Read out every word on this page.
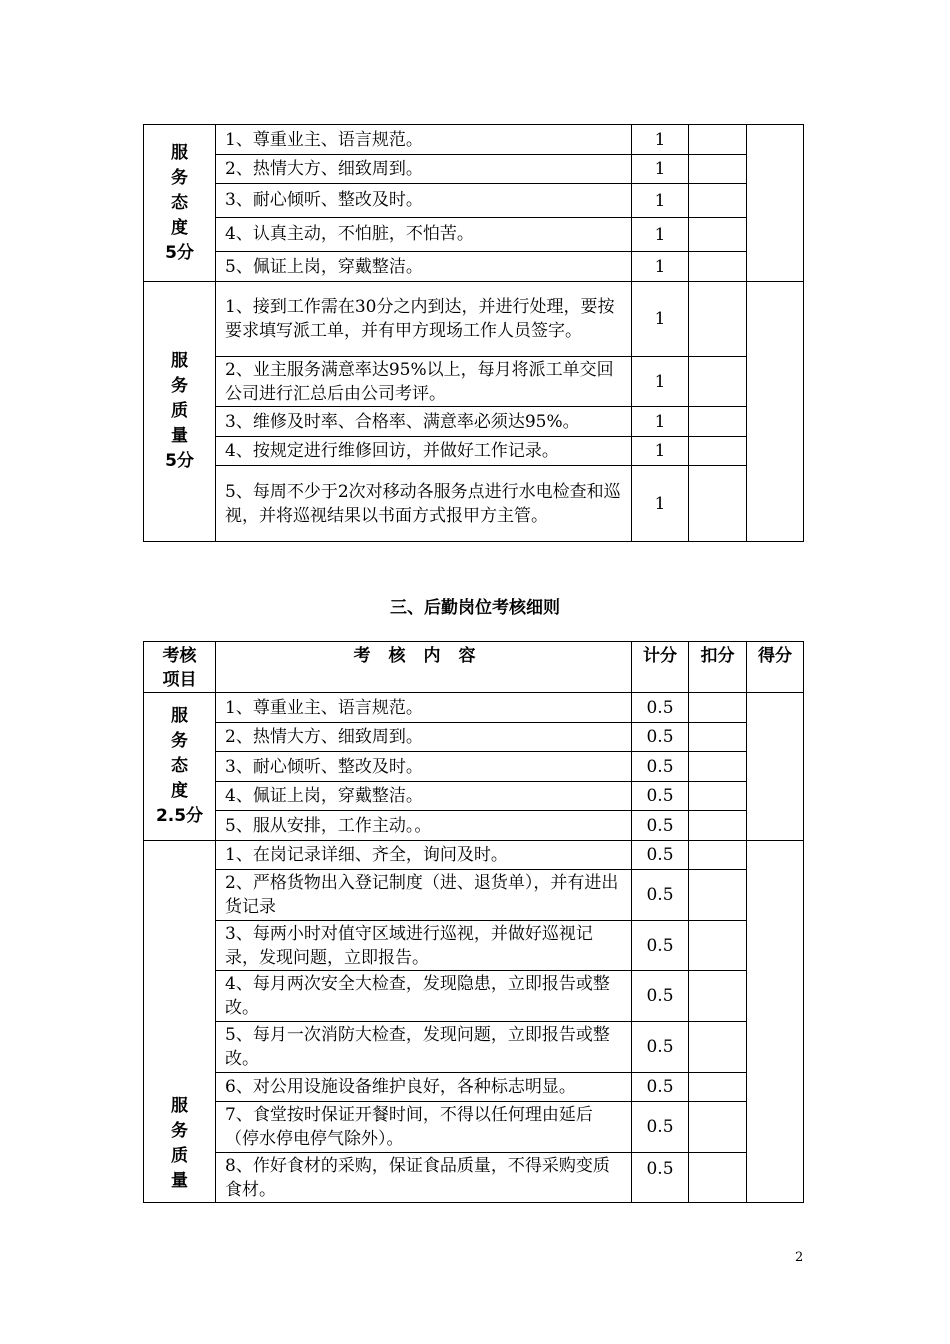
服
务
态
度
5分	1、尊重业主、语言规范。	1		
	2、热情大方、细致周到。	1		
	3、耐心倾听、整改及时。	1		
	4、认真主动，不怕脏，不怕苦。	1		
	5、佩证上岗，穿戴整洁。	1		

服
务
质
量
5分	1、接到工作需在30分之内到达，并进行处理，要按要求填写派工单，并有甲方现场工作人员签字。	1		
	2、业主服务满意率达95%以上，每月将派工单交回公司进行汇总后由公司考评。	1		
	3、维修及时率、合格率、满意率必须达95%。	1		
	4、按规定进行维修回访，并做好工作记录。	1		
	5、每周不少于2次对移动各服务点进行水电检查和巡视，并将巡视结果以书面方式报甲方主管。	1		
三、后勤岗位考核细则
考核
项目	考核内容	计分	扣分	得分

服
务
态
度
2.5分	1、尊重业主、语言规范。	0.5		
	2、热情大方、细致周到。	0.5		
	3、耐心倾听、整改及时。	0.5		
	4、佩证上岗，穿戴整洁。	0.5		
	5、服从安排，工作主动。。	0.5		

服
务
质
量	1、在岗记录详细、齐全，询问及时。	0.5		
	2、严格货物出入登记制度（进、退货单），并有进出货记录	0.5		
	3、每两小时对值守区域进行巡视，并做好巡视记录，发现问题，立即报告。	0.5		
	4、每月两次安全大检查，发现隐患，立即报告或整改。	0.5		
	5、每月一次消防大检查，发现问题，立即报告或整改。	0.5		
	6、对公用设施设备维护良好，各种标志明显。	0.5		
	7、食堂按时保证开餐时间，不得以任何理由延后（停水停电停气除外）。	0.5		
	8、作好食材的采购，保证食品质量，不得采购变质食材。	0.5		
2
